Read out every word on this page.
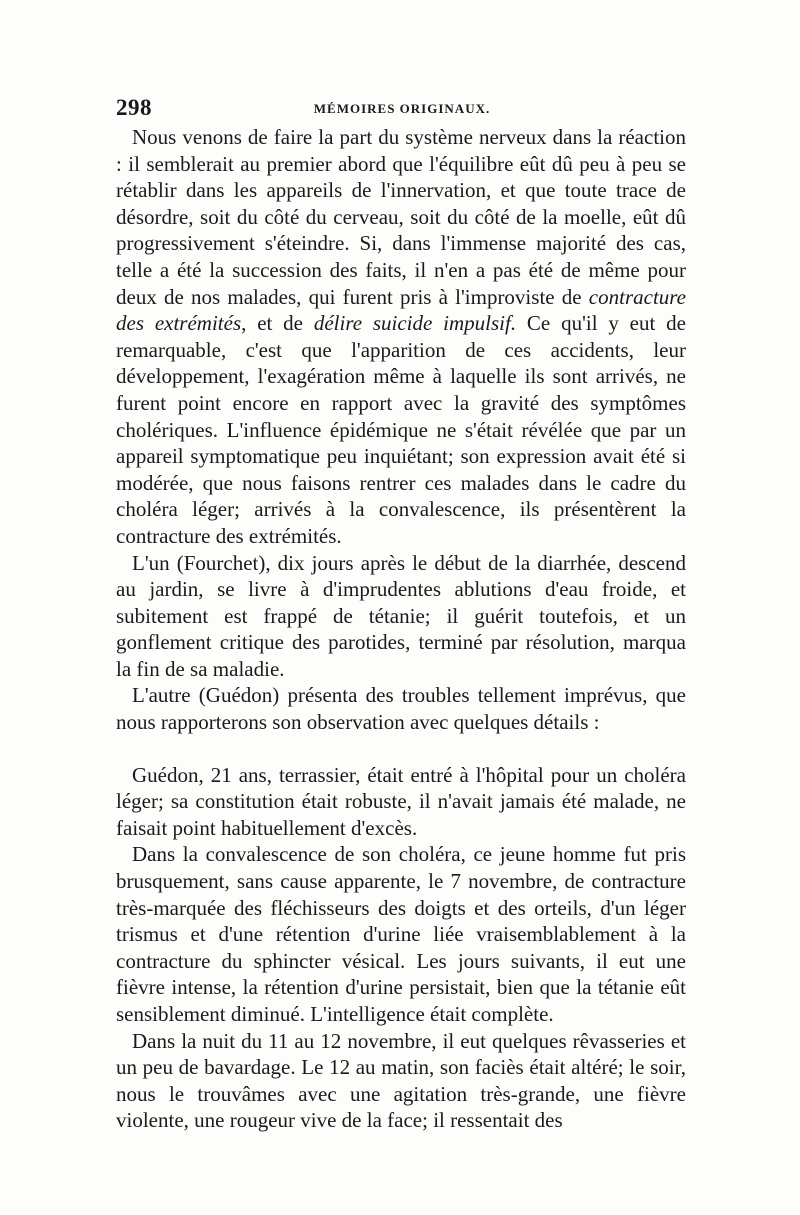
298	MÉMOIRES ORIGINAUX.

Nous venons de faire la part du système nerveux dans la réaction : il semblerait au premier abord que l'équilibre eût dû peu à peu se rétablir dans les appareils de l'innervation, et que toute trace de désordre, soit du côté du cerveau, soit du côté de la moelle, eût dû progressivement s'éteindre. Si, dans l'immense majorité des cas, telle a été la succession des faits, il n'en a pas été de même pour deux de nos malades, qui furent pris à l'improviste de contracture des extrémités, et de délire suicide impulsif. Ce qu'il y eut de remarquable, c'est que l'apparition de ces accidents, leur développement, l'exagération même à laquelle ils sont arrivés, ne furent point encore en rapport avec la gravité des symptômes cholériques. L'influence épidémique ne s'était révélée que par un appareil symptomatique peu inquiétant; son expression avait été si modérée, que nous faisons rentrer ces malades dans le cadre du choléra léger; arrivés à la convalescence, ils présentèrent la contracture des extrémités.

L'un (Fourchet), dix jours après le début de la diarrhée, descend au jardin, se livre à d'imprudentes ablutions d'eau froide, et subitement est frappé de tétanie; il guérit toutefois, et un gonflement critique des parotides, terminé par résolution, marqua la fin de sa maladie.

L'autre (Guédon) présenta des troubles tellement imprévus, que nous rapporterons son observation avec quelques détails :

Guédon, 21 ans, terrassier, était entré à l'hôpital pour un choléra léger; sa constitution était robuste, il n'avait jamais été malade, ne faisait point habituellement d'excès.

Dans la convalescence de son choléra, ce jeune homme fut pris brusquement, sans cause apparente, le 7 novembre, de contracture très-marquée des fléchisseurs des doigts et des orteils, d'un léger trismus et d'une rétention d'urine liée vraisemblablement à la contracture du sphincter vésical. Les jours suivants, il eut une fièvre intense, la rétention d'urine persistait, bien que la tétanie eût sensiblement diminué. L'intelligence était complète.

Dans la nuit du 11 au 12 novembre, il eut quelques rêvasseries et un peu de bavardage. Le 12 au matin, son faciès était altéré; le soir, nous le trouvâmes avec une agitation très-grande, une fièvre violente, une rougeur vive de la face; il ressentait des
